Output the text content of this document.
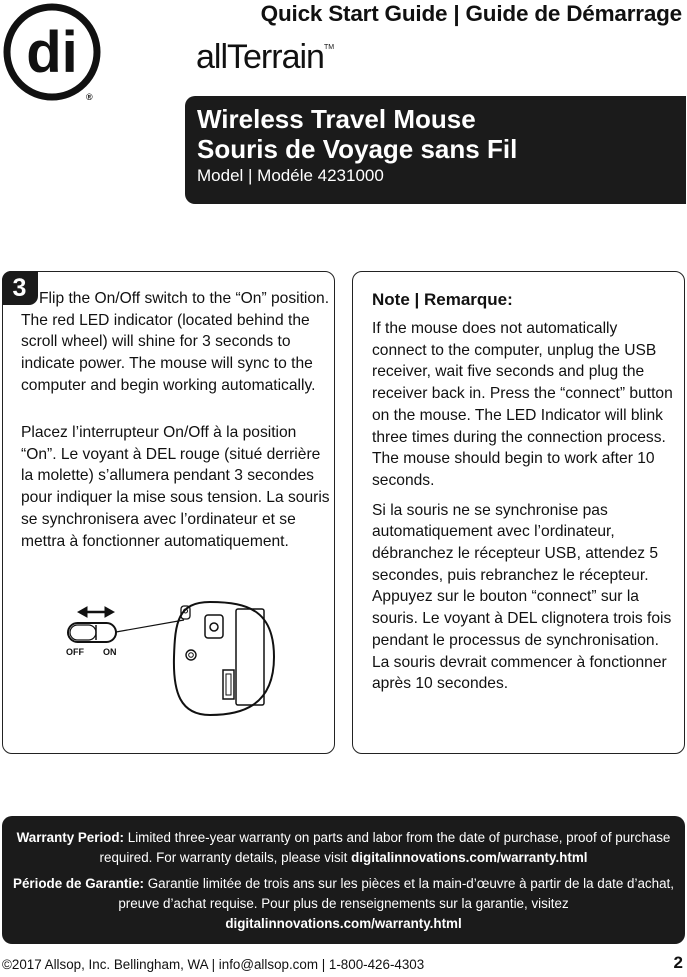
di
®
Quick Start Guide | Guide de Démarrage
allTerrain™
Wireless Travel Mouse
Souris de Voyage sans Fil
Model | Modéle 4231000
3 Flip the On/Off switch to the “On” position. The red LED indicator (located behind the scroll wheel) will shine for 3 seconds to indicate power. The mouse will sync to the computer and begin working automatically.
Placez l’interrupteur On/Off à la position “On”. Le voyant à DEL rouge (situé derrière la molette) s’allumera pendant 3 secondes pour indiquer la mise sous tension. La souris se synchronisera avec l’ordinateur et se mettra à fonctionner automatiquement.
OFF ON
Note | Remarque:

If the mouse does not automatically connect to the computer, unplug the USB receiver, wait five seconds and plug the receiver back in. Press the “connect” button on the mouse. The LED Indicator will blink three times during the connection process. The mouse should begin to work after 10 seconds.

Si la souris ne se synchronise pas automatiquement avec l’ordinateur, débranchez le récepteur USB, attendez 5 secondes, puis rebranchez le récepteur. Appuyez sur le bouton “connect” sur la souris. Le voyant à DEL clignotera trois fois pendant le processus de synchronisation. La souris devrait commencer à fonctionner après 10 secondes.

Warranty Period: Limited three-year warranty on parts and labor from the date of purchase, proof of purchase required. For warranty details, please visit digitalinnovations.com/warranty.html

Période de Garantie: Garantie limitée de trois ans sur les pièces et la main-d’œuvre à partir de la date d’achat, preuve d’achat requise. Pour plus de renseignements sur la garantie, visitez digitalinnovations.com/warranty.html

©2017 Allsop, Inc. Bellingham, WA | info@allsop.com | 1-800-426-4303	2
